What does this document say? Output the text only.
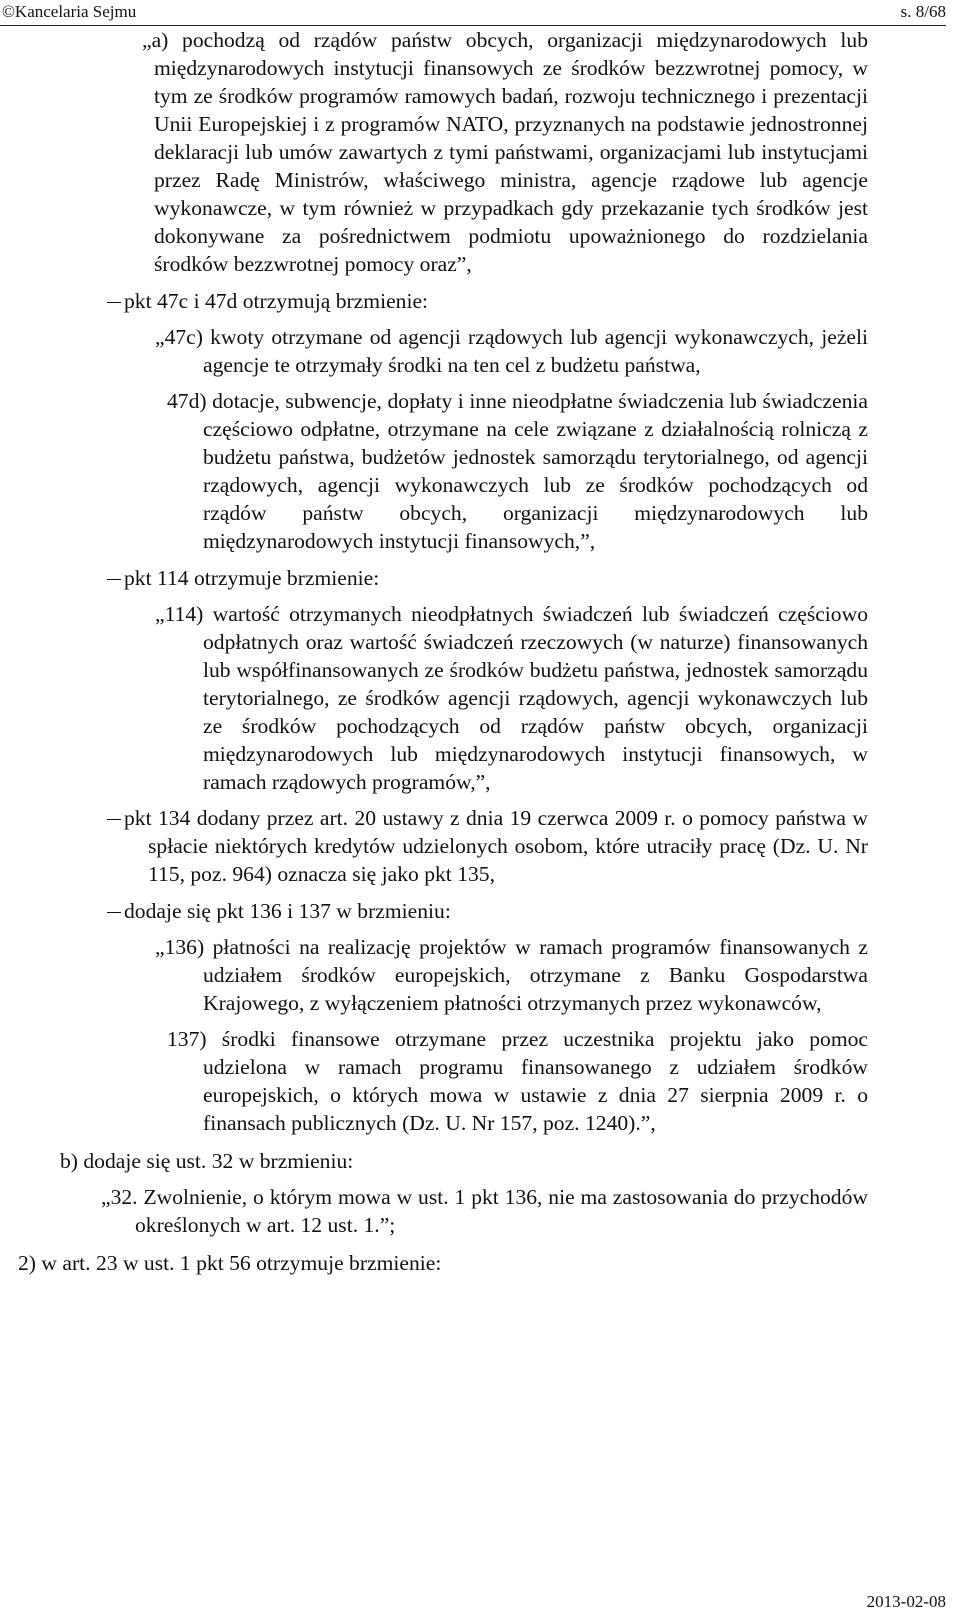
©Kancelaria Sejmu	s. 8/68

„a) pochodzą od rządów państw obcych, organizacji międzynarodowych lub międzynarodowych instytucji finansowych ze środków bezzwrotnej pomocy, w tym ze środków programów ramowych badań, rozwoju technicznego i prezentacji Unii Europejskiej i z programów NATO, przyznanych na podstawie jednostronnej deklaracji lub umów zawartych z tymi państwami, organizacjami lub instytucjami przez Radę Ministrów, właściwego ministra, agencje rządowe lub agencje wykonawcze, w tym również w przypadkach gdy przekazanie tych środków jest dokonywane za pośrednictwem podmiotu upoważnionego do rozdzielania środków bezzwrotnej pomocy oraz”,

pkt 47c i 47d otrzymują brzmienie:

„47c) kwoty otrzymane od agencji rządowych lub agencji wykonawczych, jeżeli agencje te otrzymały środki na ten cel z budżetu państwa,

47d) dotacje, subwencje, dopłaty i inne nieodpłatne świadczenia lub świadczenia częściowo odpłatne, otrzymane na cele związane z działalnością rolniczą z budżetu państwa, budżetów jednostek samorządu terytorialnego, od agencji rządowych, agencji wykonawczych lub ze środków pochodzących od rządów państw obcych, organizacji międzynarodowych lub międzynarodowych instytucji finansowych,”,

pkt 114 otrzymuje brzmienie:

„114) wartość otrzymanych nieodpłatnych świadczeń lub świadczeń częściowo odpłatnych oraz wartość świadczeń rzeczowych (w naturze) finansowanych lub współfinansowanych ze środków budżetu państwa, jednostek samorządu terytorialnego, ze środków agencji rządowych, agencji wykonawczych lub ze środków pochodzących od rządów państw obcych, organizacji międzynarodowych lub międzynarodowych instytucji finansowych, w ramach rządowych programów,”,

pkt 134 dodany przez art. 20 ustawy z dnia 19 czerwca 2009 r. o pomocy państwa w spłacie niektórych kredytów udzielonych osobom, które utraciły pracę (Dz. U. Nr 115, poz. 964) oznacza się jako pkt 135,

dodaje się pkt 136 i 137 w brzmieniu:

„136) płatności na realizację projektów w ramach programów finansowanych z udziałem środków europejskich, otrzymane z Banku Gospodarstwa Krajowego, z wyłączeniem płatności otrzymanych przez wykonawców,

137) środki finansowe otrzymane przez uczestnika projektu jako pomoc udzielona w ramach programu finansowanego z udziałem środków europejskich, o których mowa w ustawie z dnia 27 sierpnia 2009 r. o finansach publicznych (Dz. U. Nr 157, poz. 1240).”,

b) dodaje się ust. 32 w brzmieniu:

„32. Zwolnienie, o którym mowa w ust. 1 pkt 136, nie ma zastosowania do przychodów określonych w art. 12 ust. 1.”;

2) w art. 23 w ust. 1 pkt 56 otrzymuje brzmienie:

2013-02-08
